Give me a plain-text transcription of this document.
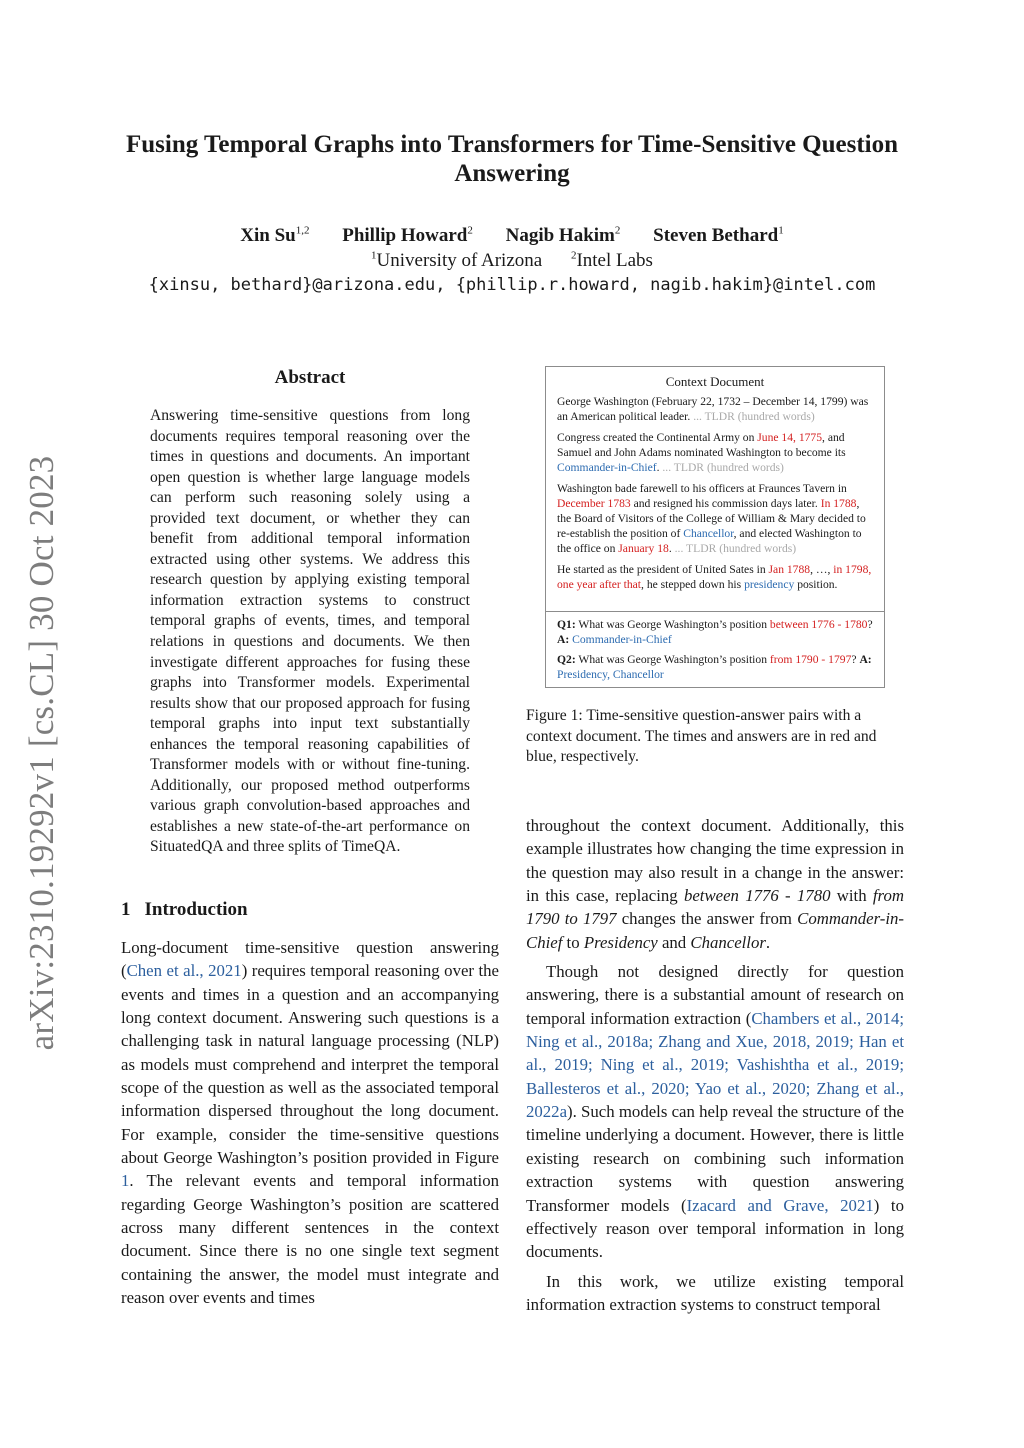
arXiv:2310.19292v1 [cs.CL] 30 Oct 2023
Fusing Temporal Graphs into Transformers for Time-Sensitive Question Answering
Xin Su$^{1,2}$ Phillip Howard$^2$ Nagib Hakim$^2$ Steven Bethard$^1$
$^1$University of Arizona	$^2$Intel Labs
{xinsu, bethard}@arizona.edu, {phillip.r.howard, nagib.hakim}@intel.com
Abstract
Answering time-sensitive questions from long documents requires temporal reasoning over the times in questions and documents. An important open question is whether large language models can perform such reasoning solely using a provided text document, or whether they can benefit from additional temporal information extracted using other systems. We address this research question by applying existing temporal information extraction systems to construct temporal graphs of events, times, and temporal relations in questions and documents. We then investigate different approaches for fusing these graphs into Transformer models. Experimental results show that our proposed approach for fusing temporal graphs into input text substantially enhances the temporal reasoning capabilities of Transformer models with or without fine-tuning. Additionally, our proposed method outperforms various graph convolution-based approaches and establishes a new state-of-the-art performance on SituatedQA and three splits of TimeQA.
1 Introduction

Long-document time-sensitive question answering (Chen et al., 2021) requires temporal reasoning over the events and times in a question and an accompanying long context document. Answering such questions is a challenging task in natural language processing (NLP) as models must comprehend and interpret the temporal scope of the question as well as the associated temporal information dispersed throughout the long document. For example, consider the time-sensitive questions about George Washington’s position provided in Figure 1. The relevant events and temporal information regarding George Washington’s position are scattered across many different sentences in the context document. Since there is no one single text segment containing the answer, the model must integrate and reason over events and times

Context Document
George Washington (February 22, 1732 – December 14, 1799) was an American political leader. ... TLDR (hundred words)
Congress created the Continental Army on June 14, 1775, and Samuel and John Adams nominated Washington to become its Commander-in-Chief. ... TLDR (hundred words)
Washington bade farewell to his officers at Fraunces Tavern in December 1783 and resigned his commission days later. In 1788, the Board of Visitors of the College of William & Mary decided to re-establish the position of Chancellor, and elected Washington to the office on January 18. ... TLDR (hundred words)
He started as the president of United Sates in Jan 1788, …, in 1798, one year after that, he stepped down his presidency position.

Q1: What was George Washington’s position between 1776 - 1780? A: Commander-in-Chief

Q2: What was George Washington’s position from 1790 - 1797? A: Presidency, Chancellor

Figure 1: Time-sensitive question-answer pairs with a context document. The times and answers are in red and blue, respectively.

throughout the context document. Additionally, this example illustrates how changing the time expression in the question may also result in a change in the answer: in this case, replacing between 1776 - 1780 with from 1790 to 1797 changes the answer from Commander-in-Chief to Presidency and Chancellor.

Though not designed directly for question answering, there is a substantial amount of research on temporal information extraction (Chambers et al., 2014; Ning et al., 2018a; Zhang and Xue, 2018, 2019; Han et al., 2019; Ning et al., 2019; Vashishtha et al., 2019; Ballesteros et al., 2020; Yao et al., 2020; Zhang et al., 2022a). Such models can help reveal the structure of the timeline underlying a document. However, there is little existing research on combining such information extraction systems with question answering Transformer models (Izacard and Grave, 2021) to effectively reason over temporal information in long documents.

In this work, we utilize existing temporal information extraction systems to construct temporal
